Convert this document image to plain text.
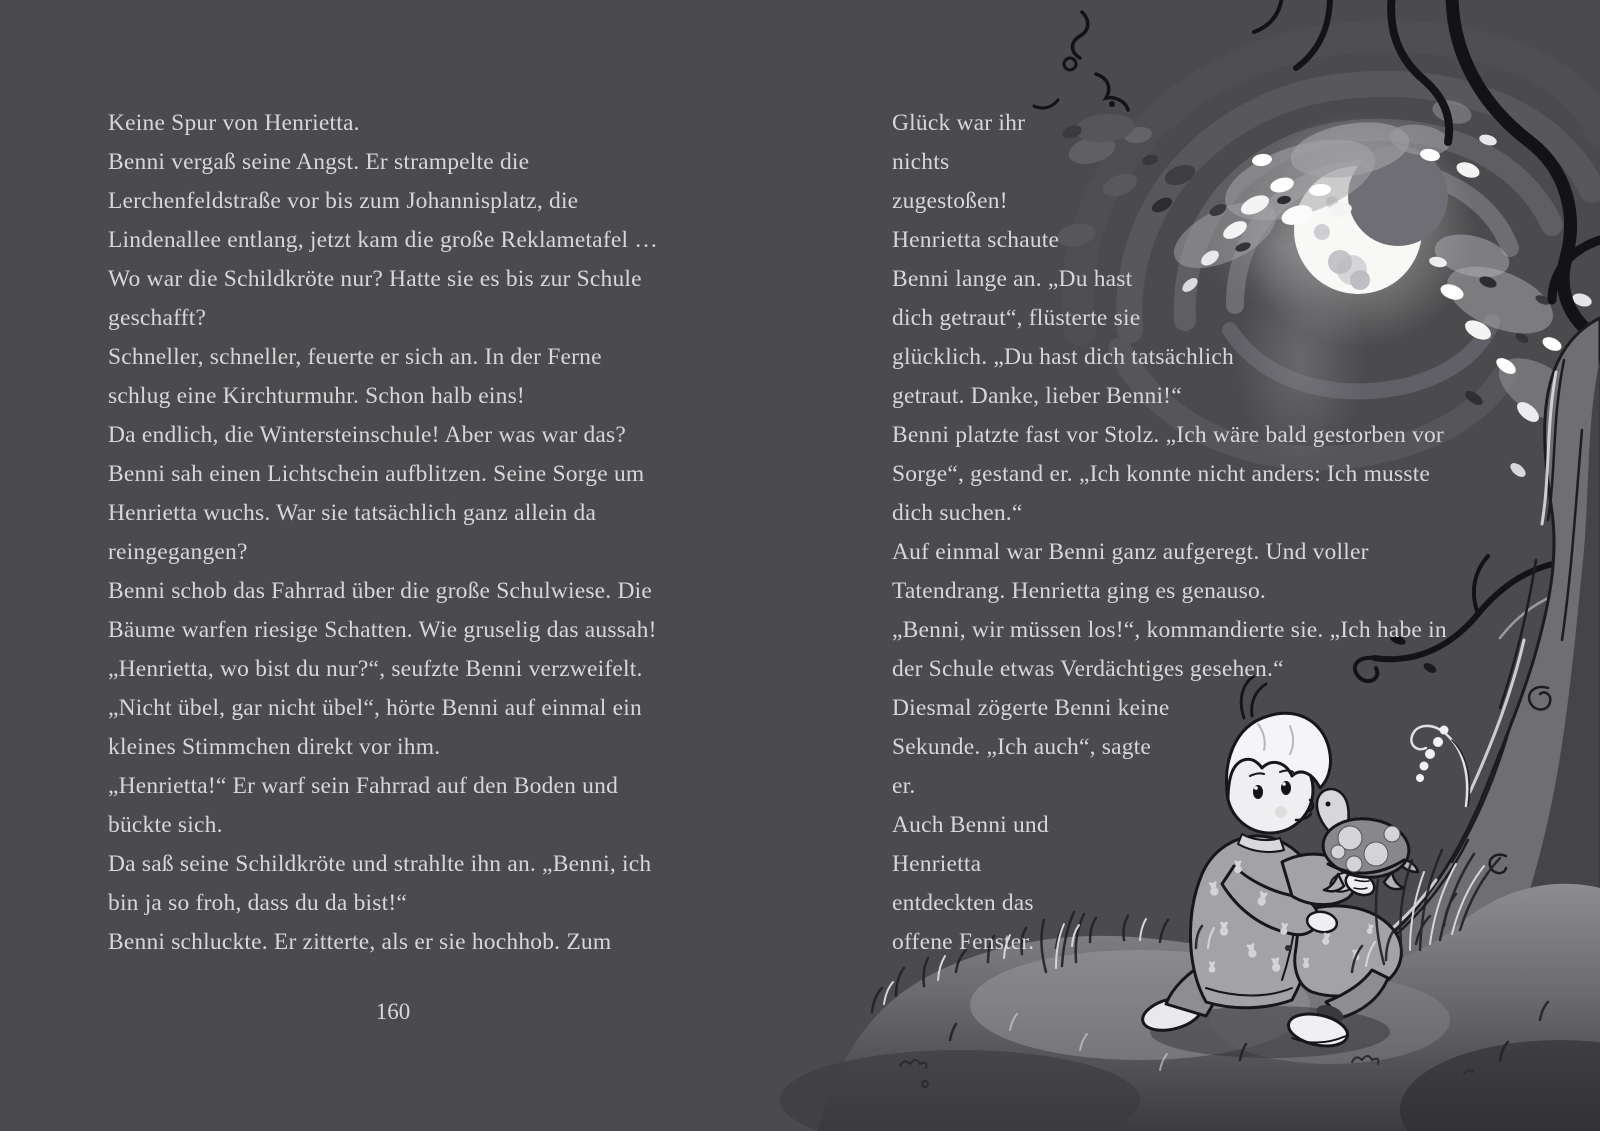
Keine Spur von Henrietta.
Benni vergaß seine Angst. Er strampelte die
Lerchenfeldstraße vor bis zum Johannisplatz, die
Lindenallee entlang, jetzt kam die große Reklametafel …
Wo war die Schildkröte nur? Hatte sie es bis zur Schule
geschafft?
Schneller, schneller, feuerte er sich an. In der Ferne
schlug eine Kirchturmuhr. Schon halb eins!
Da endlich, die Wintersteinschule! Aber was war das?
Benni sah einen Lichtschein aufblitzen. Seine Sorge um
Henrietta wuchs. War sie tatsächlich ganz allein da
reingegangen?
Benni schob das Fahrrad über die große Schulwiese. Die
Bäume warfen riesige Schatten. Wie gruselig das aussah!
„Henrietta, wo bist du nur?“, seufzte Benni verzweifelt.
„Nicht übel, gar nicht übel“, hörte Benni auf einmal ein
kleines Stimmchen direkt vor ihm.
„Henrietta!“ Er warf sein Fahrrad auf den Boden und
bückte sich.
Da saß seine Schildkröte und strahlte ihn an. „Benni, ich
bin ja so froh, dass du da bist!“
Benni schluckte. Er zitterte, als er sie hochhob. Zum
Glück war ihr
nichts
zugestoßen!
Henrietta schaute
Benni lange an. „Du hast
dich getraut“, flüsterte sie
glücklich. „Du hast dich tatsächlich
getraut. Danke, lieber Benni!“
Benni platzte fast vor Stolz. „Ich wäre bald gestorben vor
Sorge“, gestand er. „Ich konnte nicht anders: Ich musste
dich suchen.“
Auf einmal war Benni ganz aufgeregt. Und voller
Tatendrang. Henrietta ging es genauso.
„Benni, wir müssen los!“, kommandierte sie. „Ich habe in
der Schule etwas Verdächtiges gesehen.“
Diesmal zögerte Benni keine
Sekunde. „Ich auch“, sagte
er.
Auch Benni und
Henrietta
entdeckten das
offene Fenster.
160
